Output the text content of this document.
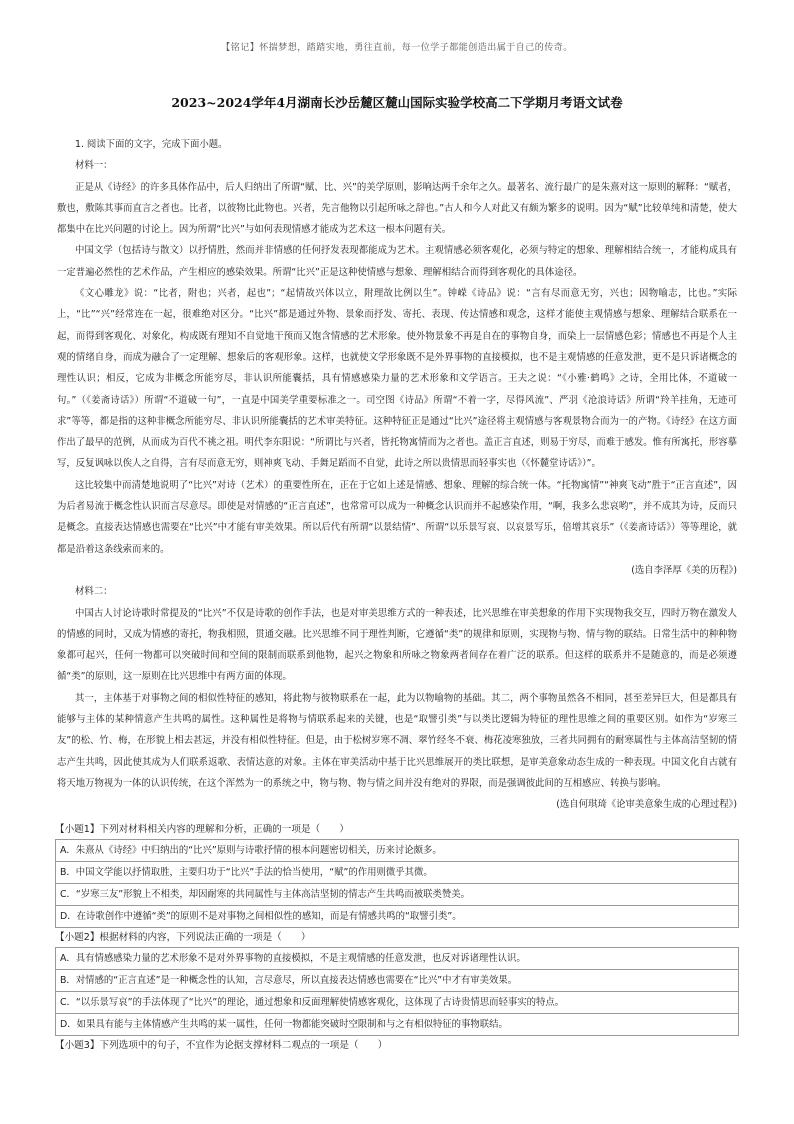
【铭记】怀揣梦想，踏踏实地，勇往直前，每一位学子都能创造出属于自己的传奇。
2023~2024学年4月湖南长沙岳麓区麓山国际实验学校高二下学期月考语文试卷

1. 阅读下面的文字，完成下面小题。

材料一：

正是从《诗经》的许多具体作品中，后人归纳出了所谓“赋、比、兴”的美学原则，影响达两千余年之久。最著名、流行最广的是朱熹对这一原则的解释：“赋者，敷也，敷陈其事而直言之者也。比者，以彼物比此物也。兴者，先言他物以引起所咏之辞也。”古人和今人对此又有颇为繁多的说明。因为“赋”比较单纯和清楚，使大都集中在比兴问题的讨论上。因为所谓“比兴”与如何表现情感才能成为艺术这一根本问题有关。

中国文学（包括诗与散文）以抒情胜，然而并非情感的任何抒发表现都能成为艺术。主观情感必须客观化，必须与特定的想象、理解相结合统一，才能构成具有一定普遍必然性的艺术作品，产生相应的感染效果。所谓“比兴”正是这种使情感与想象、理解相结合而得到客观化的具体途径。

《文心雕龙》说：“比者，附也；兴者，起也”；“起情故兴体以立，附理故比例以生”。钟嵘《诗品》说：“言有尽而意无穷，兴也；因物喻志，比也。”实际上，“比”“兴”经常连在一起，很难绝对区分。“比兴”都是通过外物、景象而抒发、寄托、表现、传达情感和观念，这样才能使主观情感与想象、理解结合联系在一起，而得到客观化、对象化，构成既有理知不自觉地干预而又饱含情感的艺术形象。使外物景象不再是自在的事物自身，而染上一层情感色彩；情感也不再是个人主观的情绪自身，而成为融合了一定理解、想象后的客观形象。这样，也就使文学形象既不是外界事物的直接模拟，也不是主观情感的任意发泄，更不是只诉诸概念的理性认识；相反，它成为非概念所能穷尽，非认识所能囊括，具有情感感染力量的艺术形象和文学语言。王夫之说：“《小雅·鹤鸣》之诗，全用比体，不道破一句。”（《姜斋诗话》）所谓“不道破一句”，一直是中国美学重要标准之一。司空图《诗品》所谓“不着一字，尽得风流”、严羽《沧浪诗话》所谓“羚羊挂角，无迹可求”等等，都是指的这种非概念所能穷尽、非认识所能囊括的艺术审美特征。这种特征正是通过“比兴”途径将主观情感与客观景物合而为一的产物。《诗经》在这方面作出了最早的范例，从而成为百代不祧之祖。明代李东阳说：“所谓比与兴者，皆托物寓情而为之者也。盖正言直述，则易于穷尽，而难于感发。惟有所寓托，形容摹写，反复讽咏以俟人之自得，言有尽而意无穷，则神爽飞动、手舞足蹈而不自觉，此诗之所以贵情思而轻事实也（《怀麓堂诗话》）”。

这比较集中而清楚地说明了“比兴”对诗（艺术）的重要性所在，正在于它如上述是情感、想象、理解的综合统一体。“托物寓情”“神爽飞动”胜于“正言直述”，因为后者易流于概念性认识而言尽意尽。即使是对情感的“正言直述”，也常常可以成为一种概念认识而并不起感染作用，“啊，我多么悲哀哟”，并不成其为诗，反而只是概念。直接表达情感也需要在“比兴”中才能有审美效果。所以后代有所谓“以景结情”、所谓“以乐景写哀、以哀景写乐，倍增其哀乐”（《姜斋诗话》）等等理论，就都是沿着这条线索而来的。

(选自李泽厚《美的历程》)

材料二：

中国古人讨论诗歌时常提及的“比兴”不仅是诗歌的创作手法，也是对审美思维方式的一种表述，比兴思维在审美想象的作用下实现物我交互，四时万物在激发人的情感的同时，又成为情感的寄托，物我相照，贯通交融。比兴思维不同于理性判断，它遵循“类”的规律和原则，实现物与物、情与物的联结。日常生活中的种种物象都可起兴，任何一物都可以突破时间和空间的限制而联系到他物，起兴之物象和所咏之物象两者间存在着广泛的联系。但这样的联系并不是随意的，而是必须遵循“类”的原则，这一原则在比兴思维中有两方面的体现。

其一，主体基于对事物之间的相似性特征的感知，将此物与彼物联系在一起，此为以物喻物的基础。其二，两个事物虽然各不相同，甚至差异巨大，但是都具有能够与主体的某种情意产生共鸣的属性。这种属性是将物与情联系起来的关键，也是“取譬引类”与以类比逻辑为特征的理性思维之间的重要区别。如作为“岁寒三友”的松、竹、梅，在形貌上相去甚远，并没有相似性特征。但是，由于松树岁寒不凋、翠竹经冬不衰、梅花凌寒独放，三者共同拥有的耐寒属性与主体高洁坚韧的情志产生共鸣，因此使其成为人们联系返歌、表情达意的对象。主体在审美活动中基于比兴思维展开的类比联想，是审美意象动态生成的一种表现。中国文化自古就有将天地万物视为一体的认识传统，在这个浑然为一的系统之中，物与物、物与情之间并没有绝对的界限，而是强调彼此间的互相感应、转换与影响。

(选自何琪琦《论审美意象生成的心理过程》)

【小题1】下列对材料相关内容的理解和分析，正确的一项是（　　）

A．朱熹从《诗经》中归纳出的“比兴”原则与诗歌抒情的根本问题密切相关，历来讨论颇多。
B．中国文学能以抒情取胜，主要归功于“比兴”手法的恰当使用，“赋”的作用则微乎其微。
C．“岁寒三友”形貌上不相类，却因耐寒的共同属性与主体高洁坚韧的情志产生共鸣而被联类赞美。
D．在诗歌创作中遵循“类”的原则不是对事物之间相似性的感知，而是有情感共鸣的“取譬引类”。

【小题2】根据材料的内容，下列说法正确的一项是（　　）

A．具有情感感染力量的艺术形象不是对外界事物的直接模拟，不是主观情感的任意发泄，也反对诉诸理性认识。
B．对情感的“正言直述”是一种概念性的认知，言尽意尽，所以直接表达情感也需要在“比兴”中才有审美效果。
C．“以乐景写哀”的手法体现了“比兴”的理论，通过想象和反面理解使情感客观化，这体现了古诗贵情思而轻事实的特点。
D．如果具有能与主体情感产生共鸣的某一属性，任何一物都能突破时空限制和与之有相似特征的事物联结。

【小题3】下列选项中的句子，不宜作为论据支撑材料二观点的一项是（　　）
